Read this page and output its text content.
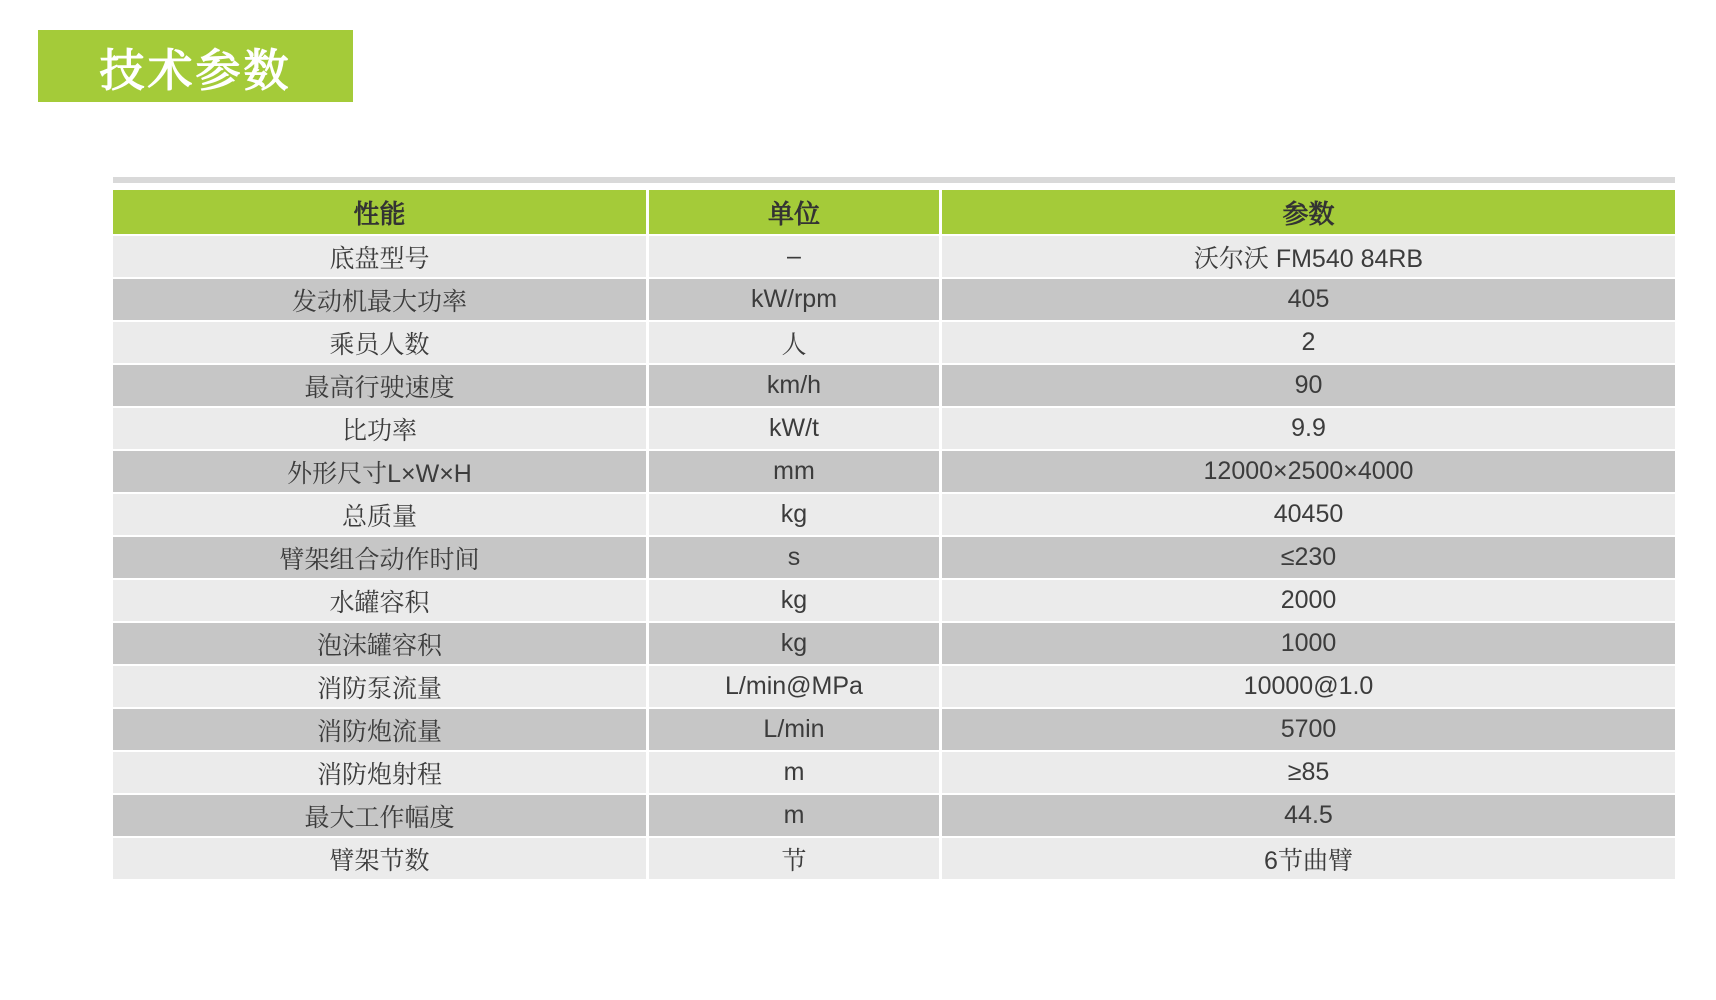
技术参数
性能	单位	参数
底盘型号	–	沃尔沃 FM540 84RB
发动机最大功率	kW/rpm	405
乘员人数	人	2
最高行驶速度	km/h	90
比功率	kW/t	9.9
外形尺寸L×W×H	mm	12000×2500×4000
总质量	kg	40450
臂架组合动作时间	s	≤230
水罐容积	kg	2000
泡沫罐容积	kg	1000
消防泵流量	L/min@MPa	10000@1.0
消防炮流量	L/min	5700
消防炮射程	m	≥85
最大工作幅度	m	44.5
臂架节数	节	6节曲臂
